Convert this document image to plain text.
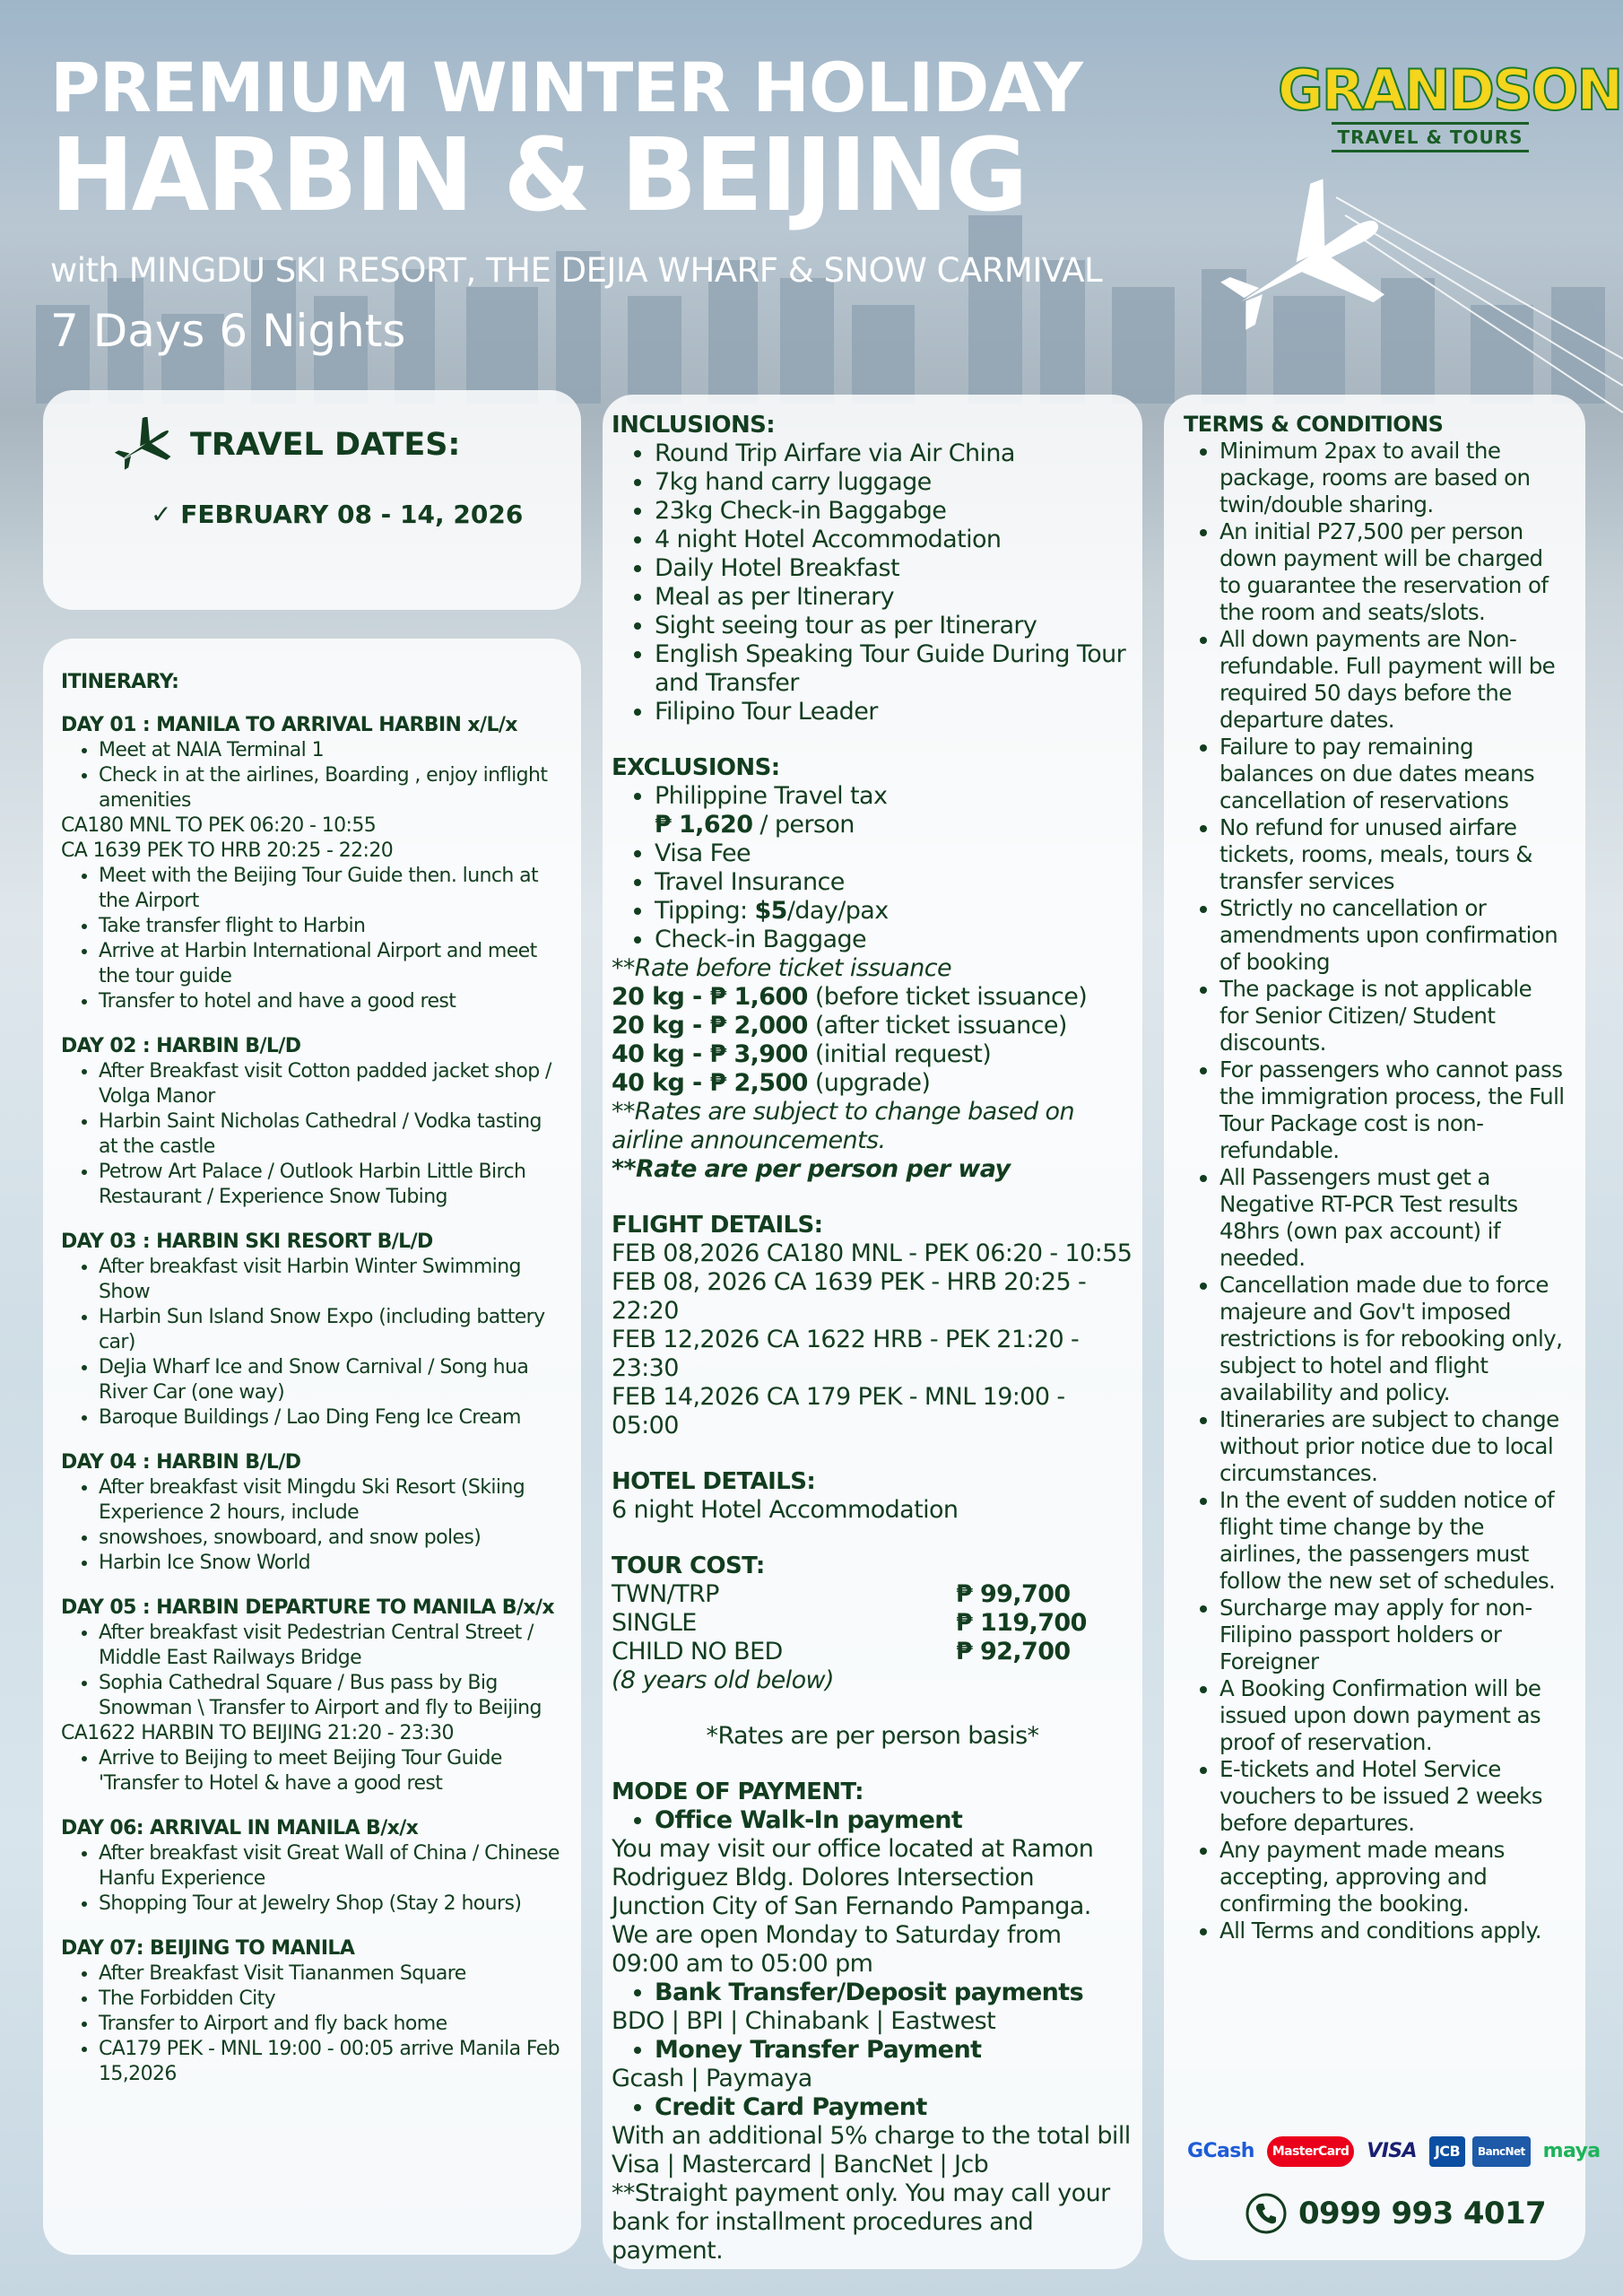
PREMIUM WINTER HOLIDAY
HARBIN & BEIJING
with MINGDU SKI RESORT, THE DEJIA WHARF & SNOW CARMIVAL
7 Days 6 Nights
GRANDSON
TRAVEL & TOURS
TRAVEL DATES:
✓ FEBRUARY 08 - 14, 2026
ITINERARY:
DAY 01 : MANILA TO ARRIVAL HARBIN x/L/x
• Meet at NAIA Terminal 1
• Check in at the airlines, Boarding , enjoy inflight amenities
CA180 MNL TO PEK 06:20 - 10:55
CA 1639 PEK TO HRB 20:25 - 22:20
• Meet with the Beijing Tour Guide then. lunch at the Airport
• Take transfer flight to Harbin
• Arrive at Harbin International Airport and meet the tour guide
• Transfer to hotel and have a good rest
DAY 02 : HARBIN B/L/D
• After Breakfast visit Cotton padded jacket shop / Volga Manor
• Harbin Saint Nicholas Cathedral / Vodka tasting at the castle
• Petrow Art Palace / Outlook Harbin Little Birch Restaurant / Experience Snow Tubing
DAY 03 : HARBIN SKI RESORT B/L/D
• After breakfast visit Harbin Winter Swimming Show
• Harbin Sun Island Snow Expo (including battery car)
• DeJia Wharf Ice and Snow Carnival / Song hua River Car (one way)
• Baroque Buildings / Lao Ding Feng Ice Cream
DAY 04 : HARBIN B/L/D
• After breakfast visit Mingdu Ski Resort (Skiing Experience 2 hours, include
• snowshoes, snowboard, and snow poles)
• Harbin Ice Snow World
DAY 05 : HARBIN DEPARTURE TO MANILA B/x/x
• After breakfast visit Pedestrian Central Street / Middle East Railways Bridge
• Sophia Cathedral Square / Bus pass by Big Snowman \ Transfer to Airport and fly to Beijing
CA1622 HARBIN TO BEIJING 21:20 - 23:30
• Arrive to Beijing to meet Beijing Tour Guide 'Transfer to Hotel & have a good rest
DAY 06: ARRIVAL IN MANILA B/x/x
• After breakfast visit Great Wall of China / Chinese Hanfu Experience
• Shopping Tour at Jewelry Shop (Stay 2 hours)
DAY 07: BEIJING TO MANILA
• After Breakfast Visit Tiananmen Square
• The Forbidden City
• Transfer to Airport and fly back home
• CA179 PEK - MNL 19:00 - 00:05 arrive Manila Feb 15,2026
INCLUSIONS:
• Round Trip Airfare via Air China
• 7kg hand carry luggage
• 23kg Check-in Baggabge
• 4 night Hotel Accommodation
• Daily Hotel Breakfast
• Meal as per Itinerary
• Sight seeing tour as per Itinerary
• English Speaking Tour Guide During Tour and Transfer
• Filipino Tour Leader
EXCLUSIONS:
• Philippine Travel tax
₱ 1,620 / person
• Visa Fee
• Travel Insurance
• Tipping: $5/day/pax
• Check-in Baggage
**Rate before ticket issuance
20 kg - ₱ 1,600 (before ticket issuance)
20 kg - ₱ 2,000 (after ticket issuance)
40 kg - ₱ 3,900 (initial request)
40 kg - ₱ 2,500 (upgrade)
**Rates are subject to change based on airline announcements.
**Rate are per person per way
FLIGHT DETAILS:
FEB 08,2026 CA180 MNL - PEK 06:20 - 10:55
FEB 08, 2026 CA 1639 PEK - HRB 20:25 - 22:20
FEB 12,2026 CA 1622 HRB - PEK 21:20 - 23:30
FEB 14,2026 CA 179 PEK - MNL 19:00 - 05:00
HOTEL DETAILS:
6 night Hotel Accommodation
TOUR COST:
TWN/TRP	₱ 99,700
SINGLE	₱ 119,700
CHILD NO BED	₱ 92,700
(8 years old below)
*Rates are per person basis*
MODE OF PAYMENT:
• Office Walk-In payment
You may visit our office located at Ramon Rodriguez Bldg. Dolores Intersection Junction City of San Fernando Pampanga. We are open Monday to Saturday from 09:00 am to 05:00 pm
• Bank Transfer/Deposit payments
BDO | BPI | Chinabank | Eastwest
• Money Transfer Payment
Gcash | Paymaya
• Credit Card Payment
With an additional 5% charge to the total bill
Visa | Mastercard | BancNet | Jcb
**Straight payment only. You may call your bank for installment procedures and payment.
TERMS & CONDITIONS
• Minimum 2pax to avail the package, rooms are based on twin/double sharing.
• An initial P27,500 per person down payment will be charged to guarantee the reservation of the room and seats/slots.
• All down payments are Non-refundable. Full payment will be required 50 days before the departure dates.
• Failure to pay remaining balances on due dates means cancellation of reservations
• No refund for unused airfare tickets, rooms, meals, tours & transfer services
• Strictly no cancellation or amendments upon confirmation of booking
• The package is not applicable for Senior Citizen/ Student discounts.
• For passengers who cannot pass the immigration process, the Full Tour Package cost is non-refundable.
• All Passengers must get a Negative RT-PCR Test results 48hrs (own pax account) if needed.
• Cancellation made due to force majeure and Gov't imposed restrictions is for rebooking only, subject to hotel and flight availability and policy.
• Itineraries are subject to change without prior notice due to local circumstances.
• In the event of sudden notice of flight time change by the airlines, the passengers must follow the new set of schedules.
• Surcharge may apply for non-Filipino passport holders or Foreigner
• A Booking Confirmation will be issued upon down payment as proof of reservation.
• E-tickets and Hotel Service vouchers to be issued 2 weeks before departures.
• Any payment made means accepting, approving and confirming the booking.
• All Terms and conditions apply.
GCash	MasterCard VISA	JCB	BancNet maya
0999 993 4017
